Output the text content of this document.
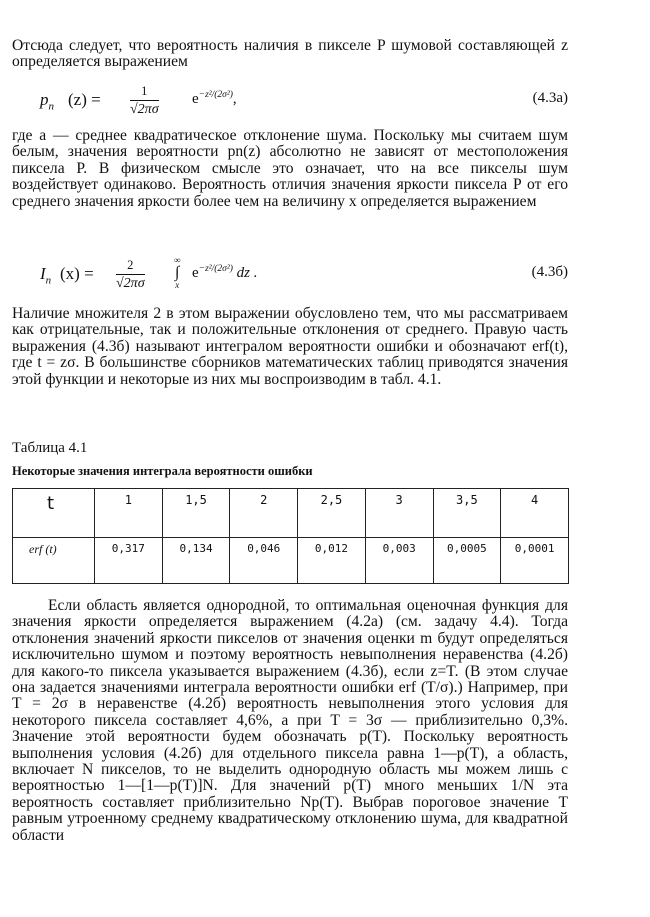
Отсюда следует, что вероятность наличия в пикселе P шумовой составляющей z определяется выражением

$p_n$ $(z) = \frac{1}{√2\pi\sigma} e^{-z^2/(2\sigma^2)}$,	(4.3а)

где а — среднее квадратическое отклонение шума. Поскольку мы считаем шум белым, значения вероятности pn(z) абсолютно не зависят от местоположения пиксела P. В физическом смысле это означает, что на все пикселы шум воздействует одинаково. Вероятность отличия значения яркости пиксела P от его среднего значения яркости более чем на величину x определяется выражением

$I_n$ $(x) = \frac{2}{√2\pi\sigma}$	∞
∫
x
$e^{-z^2/(2\sigma^2)}$ dz .	(4.3б)

Наличие множителя 2 в этом выражении обусловлено тем, что мы рассматриваем как отрицательные, так и положительные отклонения от среднего. Правую часть выражения (4.3б) называют интегралом вероятности ошибки и обозначают erf(t), где t = zσ. В большинстве сборников математических таблиц приводятся значения этой функции и некоторые из них мы воспроизводим в табл. 4.1.

Таблица 4.1

Некоторые значения интеграла вероятности ошибки

t	1	1,5	2	2,5	3	3,5	4
erf (t)	0,317	0,134	0,046	0,012	0,003	0,0005	0,0001

Если область является однородной, то оптимальная оценочная функция для значения яркости определяется выражением (4.2а) (см. задачу 4.4). Тогда отклонения значений яркости пикселов от значения оценки m будут определяться исключительно шумом и поэтому вероятность невыполнения неравенства (4.2б) для какого-то пиксела указывается выражением (4.3б), если z=T. (В этом случае она задается значениями интеграла вероятности ошибки erf (T/σ).) Например, при T = 2σ в неравенстве (4.2б) вероятность невыполнения этого условия для некоторого пиксела составляет 4,6%, а при T = 3σ — приблизительно 0,3%. Значение этой вероятности будем обозначать p(T). Поскольку вероятность выполнения условия (4.2б) для отдельного пиксела равна 1—p(T), а область, включает N пикселов, то не выделить однородную область мы можем лишь с вероятностью 1—[1—p(T)]N. Для значений p(T) много меньших 1/N эта вероятность составляет приблизительно Np(T). Выбрав пороговое значение T равным утроенному среднему квадратическому отклонению шума, для квадратной области
